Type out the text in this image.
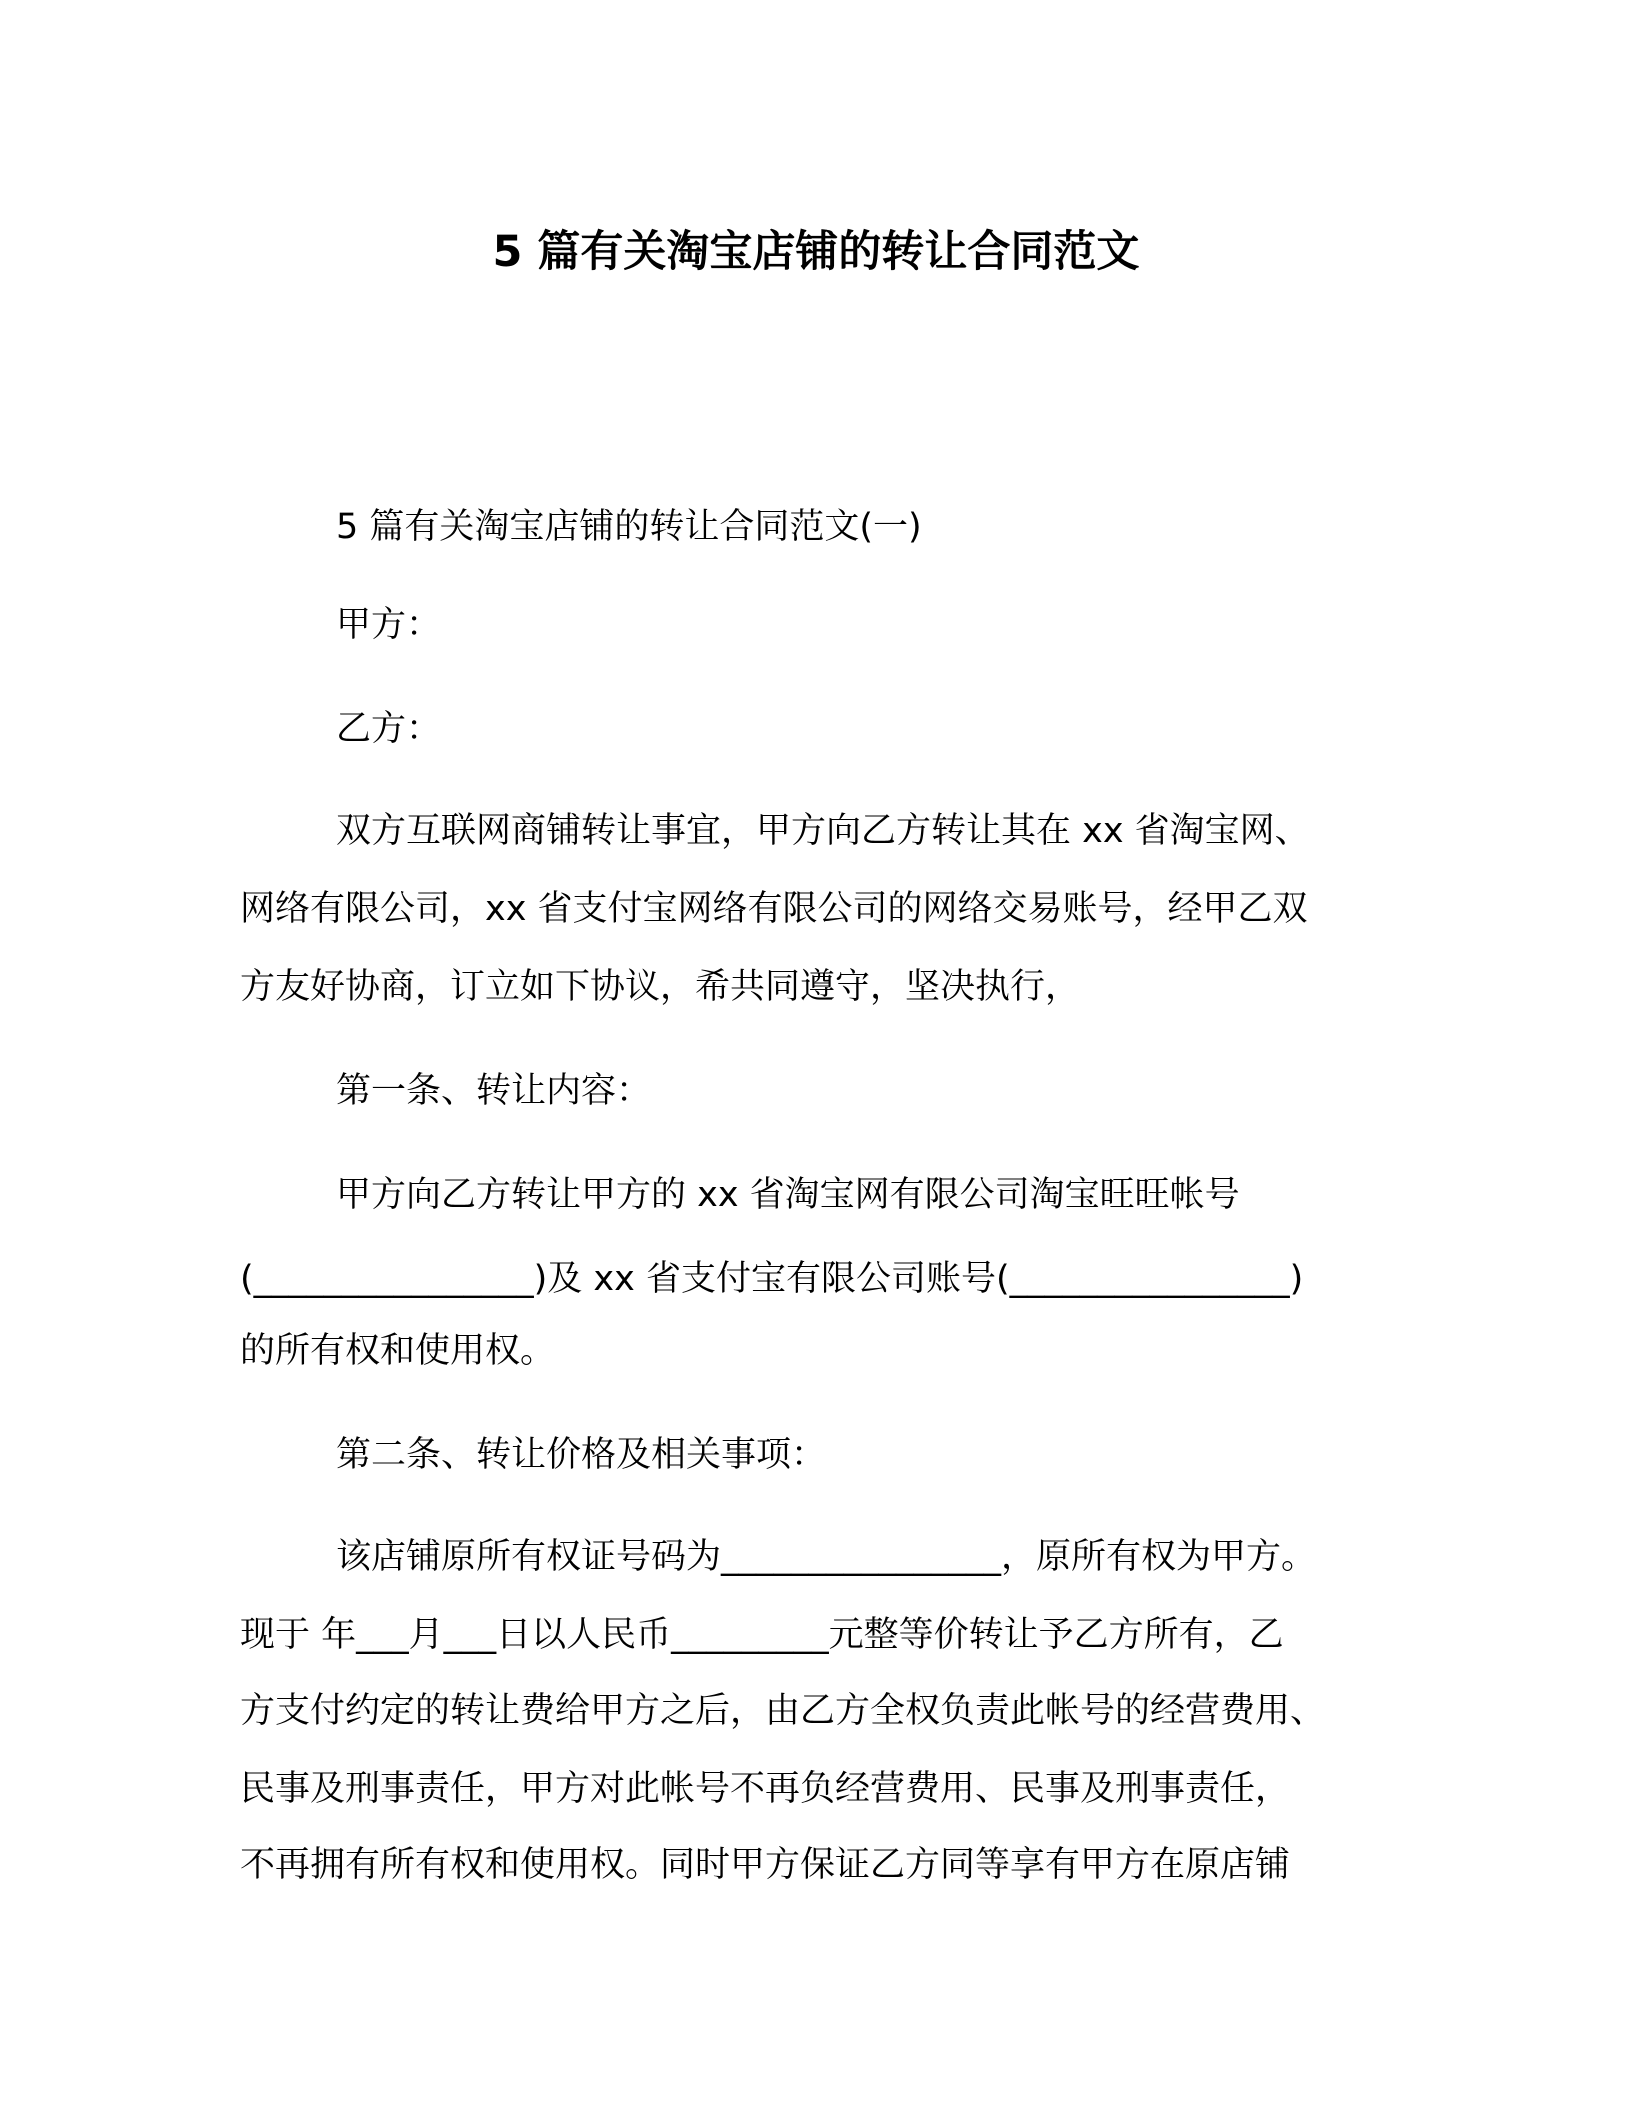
5 篇有关淘宝店铺的转让合同范文
5 篇有关淘宝店铺的转让合同范文(一)
甲方：
乙方：
双方互联网商铺转让事宜，甲方向乙方转让其在 xx 省淘宝网、
网络有限公司，xx 省支付宝网络有限公司的网络交易账号，经甲乙双
方友好协商，订立如下协议，希共同遵守，坚决执行，
第一条、转让内容：
甲方向乙方转让甲方的 xx 省淘宝网有限公司淘宝旺旺帐号
(________________)及 xx 省支付宝有限公司账号(________________)
的所有权和使用权。
第二条、转让价格及相关事项：
该店铺原所有权证号码为________________，原所有权为甲方。
现于 年___月___日以人民币_________元整等价转让予乙方所有，乙
方支付约定的转让费给甲方之后，由乙方全权负责此帐号的经营费用、
民事及刑事责任，甲方对此帐号不再负经营费用、民事及刑事责任，
不再拥有所有权和使用权。同时甲方保证乙方同等享有甲方在原店铺
